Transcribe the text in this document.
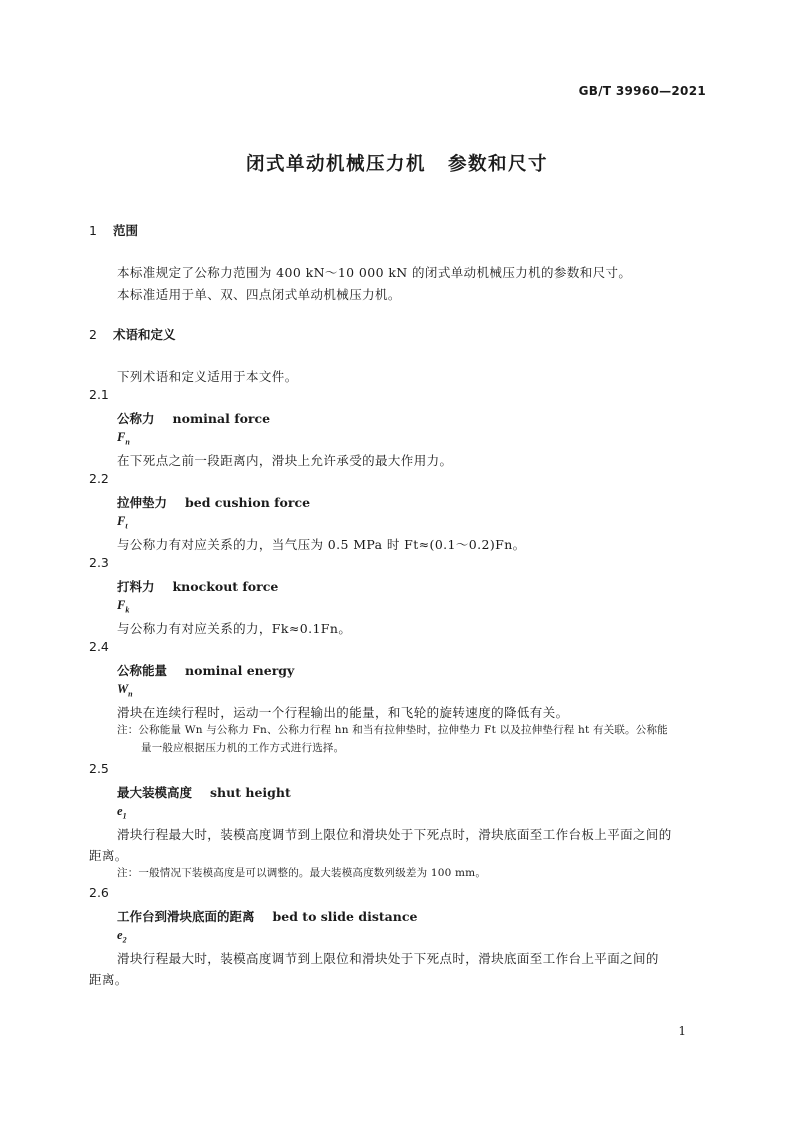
GB/T 39960—2021
闭式单动机械压力机 参数和尺寸
1 范围
本标准规定了公称力范围为 400 kN～10 000 kN 的闭式单动机械压力机的参数和尺寸。
本标准适用于单、双、四点闭式单动机械压力机。
2 术语和定义
下列术语和定义适用于本文件。
2.1
公称力 nominal force
$F_n$
在下死点之前一段距离内，滑块上允许承受的最大作用力。
2.2
拉伸垫力 bed cushion force
$F_t$
与公称力有对应关系的力，当气压为 0.5 MPa 时 Ft≈(0.1～0.2)Fn。
2.3
打料力 knockout force
$F_k$
与公称力有对应关系的力，Fk≈0.1Fn。
2.4
公称能量 nominal energy
$W_n$
滑块在连续行程时，运动一个行程输出的能量，和飞轮的旋转速度的降低有关。
注：公称能量 Wn 与公称力 Fn、公称力行程 hn 和当有拉伸垫时，拉伸垫力 Ft 以及拉伸垫行程 ht 有关联。公称能
量一般应根据压力机的工作方式进行选择。
2.5
最大装模高度 shut height
$e_1$
滑块行程最大时，装模高度调节到上限位和滑块处于下死点时，滑块底面至工作台板上平面之间的
距离。
注：一般情况下装模高度是可以调整的。最大装模高度数列级差为 100 mm。
2.6
工作台到滑块底面的距离 bed to slide distance
$e_2$
滑块行程最大时，装模高度调节到上限位和滑块处于下死点时，滑块底面至工作台上平面之间的
距离。
1
